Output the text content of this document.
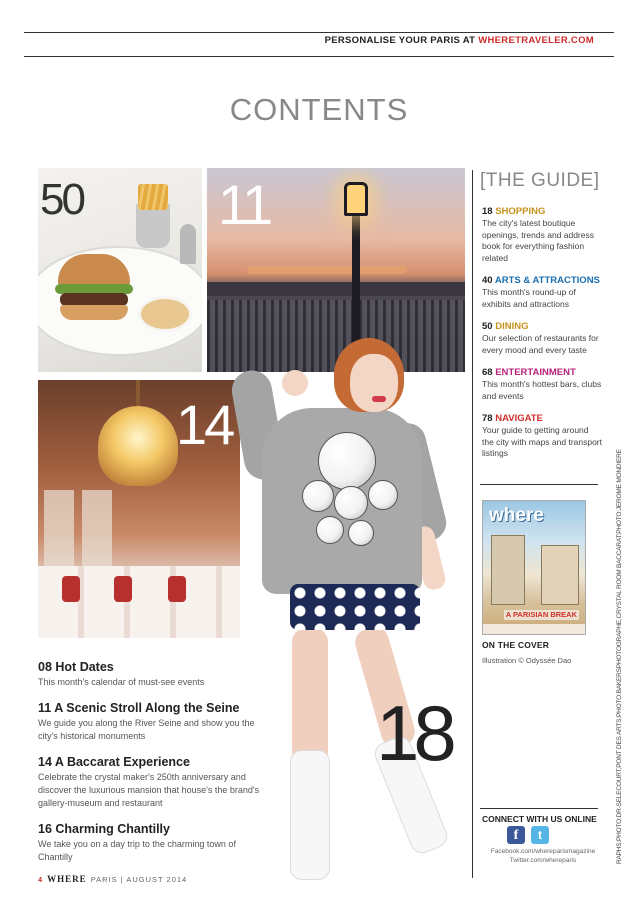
PERSONALISE YOUR PARIS AT WHERETRAVELER.COM
CONTENTS
50 11
14
18
[THE GUIDE]
18 SHOPPING
The city's latest boutique openings, trends and address book for everything fashion related
40 ARTS & ATTRACTIONS
This month's round-up of exhibits and attractions
50 DINING
Our selection of restaurants for every mood and every taste
68 ENTERTAINMENT
This month's hottest bars, clubs and events
78 NAVIGATE
Your guide to getting around the city with maps and transport listings
where
A PARISIAN BREAK
ON THE COVER
Illustration © Odyssée Dao
CONNECT WITH US ONLINE
f	t
Facebook.com/whereparismagazine
Twitter.com/whereparis	RAPHS:PHOTO:DR-SELECOURT,PONT DES ARTS:PHOTO:BAKERSPHOTOGRAPHE,CRYSTAL ROOM BACCARAT:PHOTO:JEROME MONDIERE
08 Hot Dates
This month's calendar of must-see events
11 A Scenic Stroll Along the Seine
We guide you along the River Seine and show you the city's historical monuments
14 A Baccarat Experience
Celebrate the crystal maker's 250th anniversary and discover the luxurious mansion that house's the brand's gallery-museum and restaurant
16 Charming Chantilly
We take you on a day trip to the charming town of Chantilly
4 WHERE PARIS | AUGUST 2014
